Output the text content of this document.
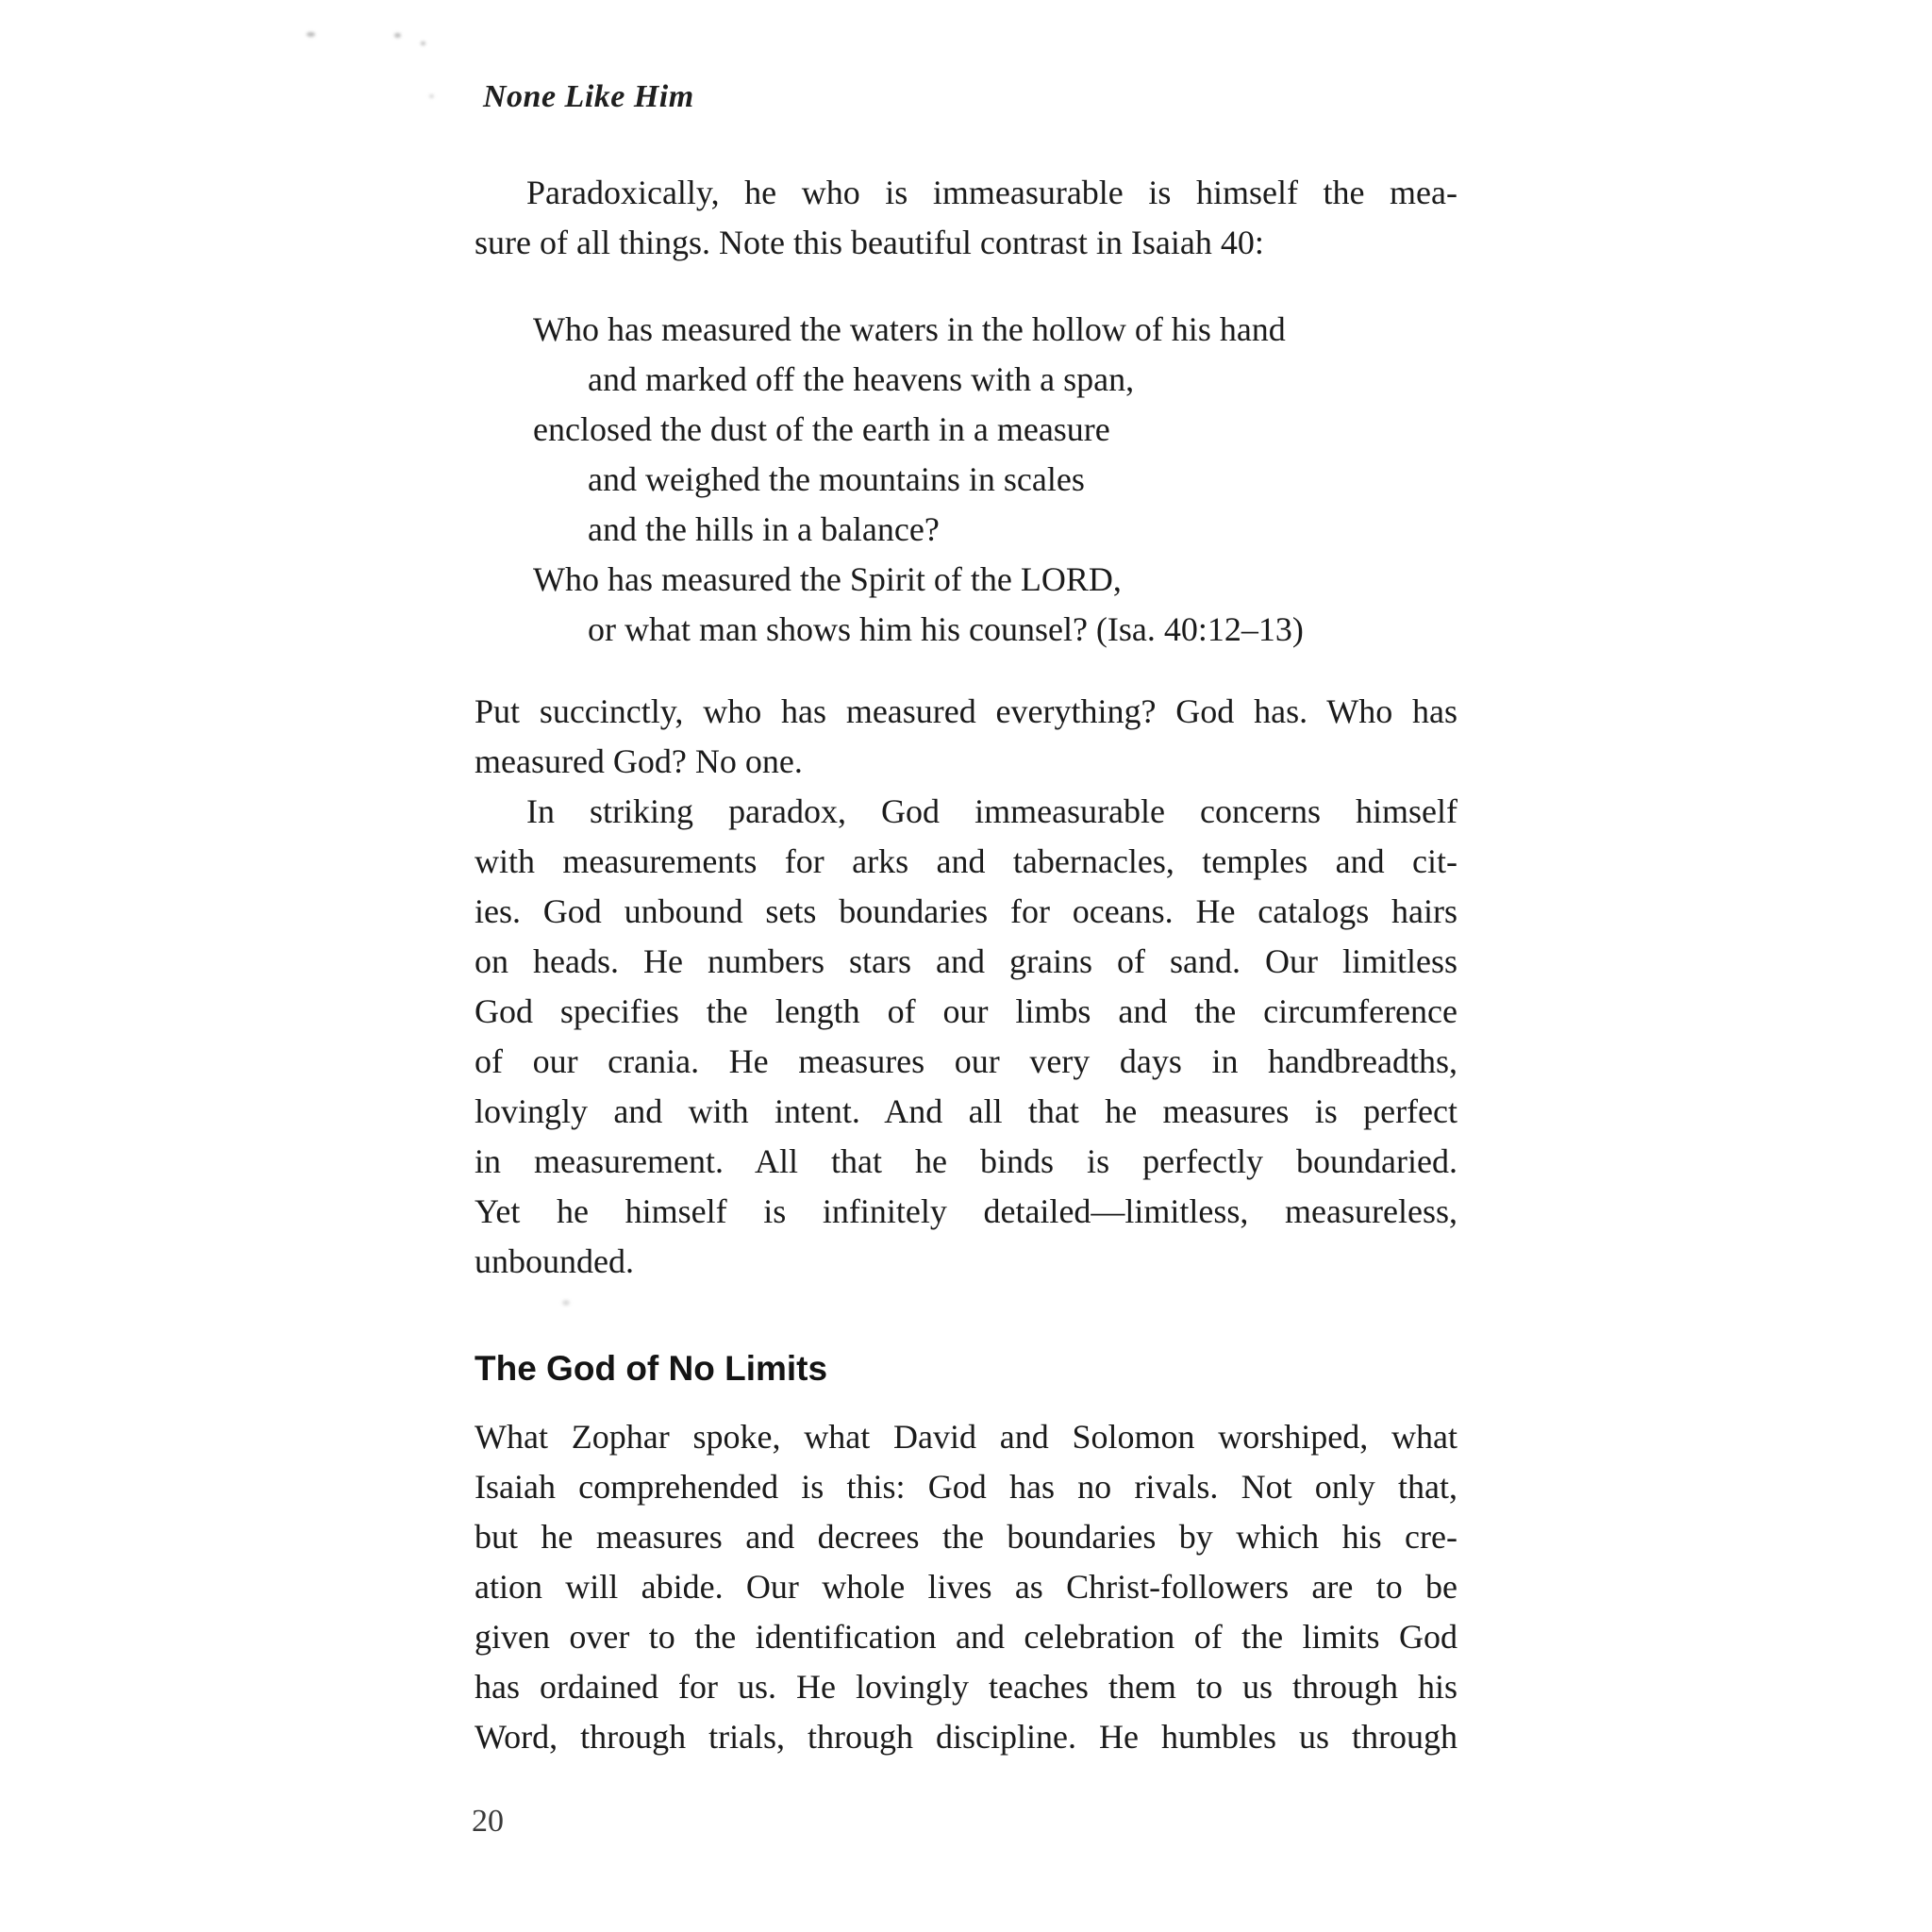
None Like Him
Paradoxically, he who is immeasurable is himself the mea-
sure of all things. Note this beautiful contrast in Isaiah 40:
Who has measured the waters in the hollow of his hand
and marked off the heavens with a span,
enclosed the dust of the earth in a measure
and weighed the mountains in scales
and the hills in a balance?
Who has measured the Spirit of the LORD,
or what man shows him his counsel? (Isa. 40:12–13)
Put succinctly, who has measured everything? God has. Who has
measured God? No one.
In striking paradox, God immeasurable concerns himself
with measurements for arks and tabernacles, temples and cit-
ies. God unbound sets boundaries for oceans. He catalogs hairs
on heads. He numbers stars and grains of sand. Our limitless
God specifies the length of our limbs and the circumference
of our crania. He measures our very days in handbreadths,
lovingly and with intent. And all that he measures is perfect
in measurement. All that he binds is perfectly boundaried.
Yet he himself is infinitely detailed—limitless, measureless,
unbounded.
The God of No Limits
What Zophar spoke, what David and Solomon worshiped, what
Isaiah comprehended is this: God has no rivals. Not only that,
but he measures and decrees the boundaries by which his cre-
ation will abide. Our whole lives as Christ-followers are to be
given over to the identification and celebration of the limits God
has ordained for us. He lovingly teaches them to us through his
Word, through trials, through discipline. He humbles us through
20
